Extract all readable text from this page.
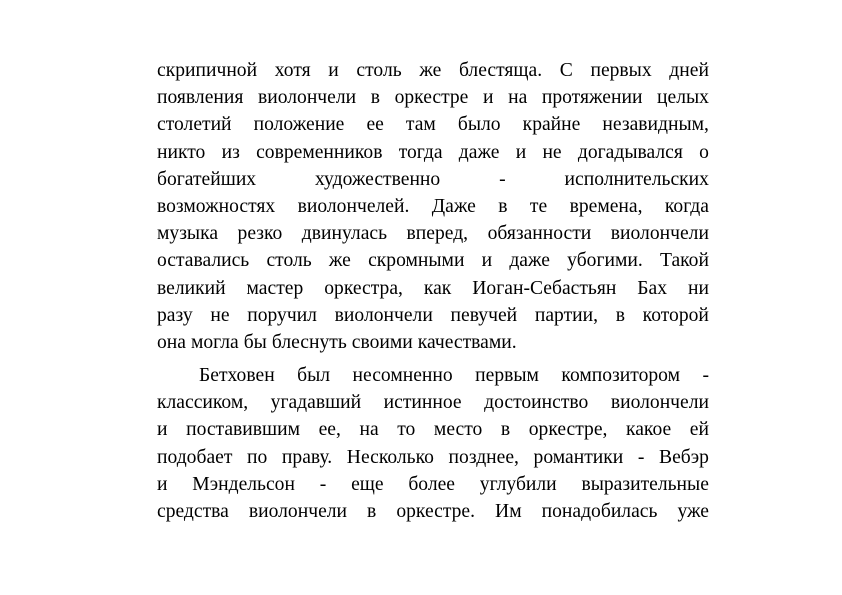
скрипичной хотя и столь же блестяща. С первых дней
появления виолончели в оркестре и на протяжении целых
столетий положение ее там было крайне незавидным,
никто из современников тогда даже и не догадывался о
богатейших	художественно	-	исполнительских
возможностях виолончелей. Даже в те времена, когда
музыка резко двинулась вперед, обязанности виолончели
оставались столь же скромными и даже убогими. Такой
великий мастер оркестра, как Иоган-Себастьян Бах ни
разу не поручил виолончели певучей партии, в которой
она могла бы блеснуть своими качествами.
Бетховен был несомненно первым композитором -
классиком, угадавший истинное достоинство виолончели
и поставившим ее, на то место в оркестре, какое ей
подобает по праву. Несколько позднее, романтики - Вебэр
и Мэндельсон - еще более углубили выразительные
средства виолончели в оркестре. Им понадобилась уже
